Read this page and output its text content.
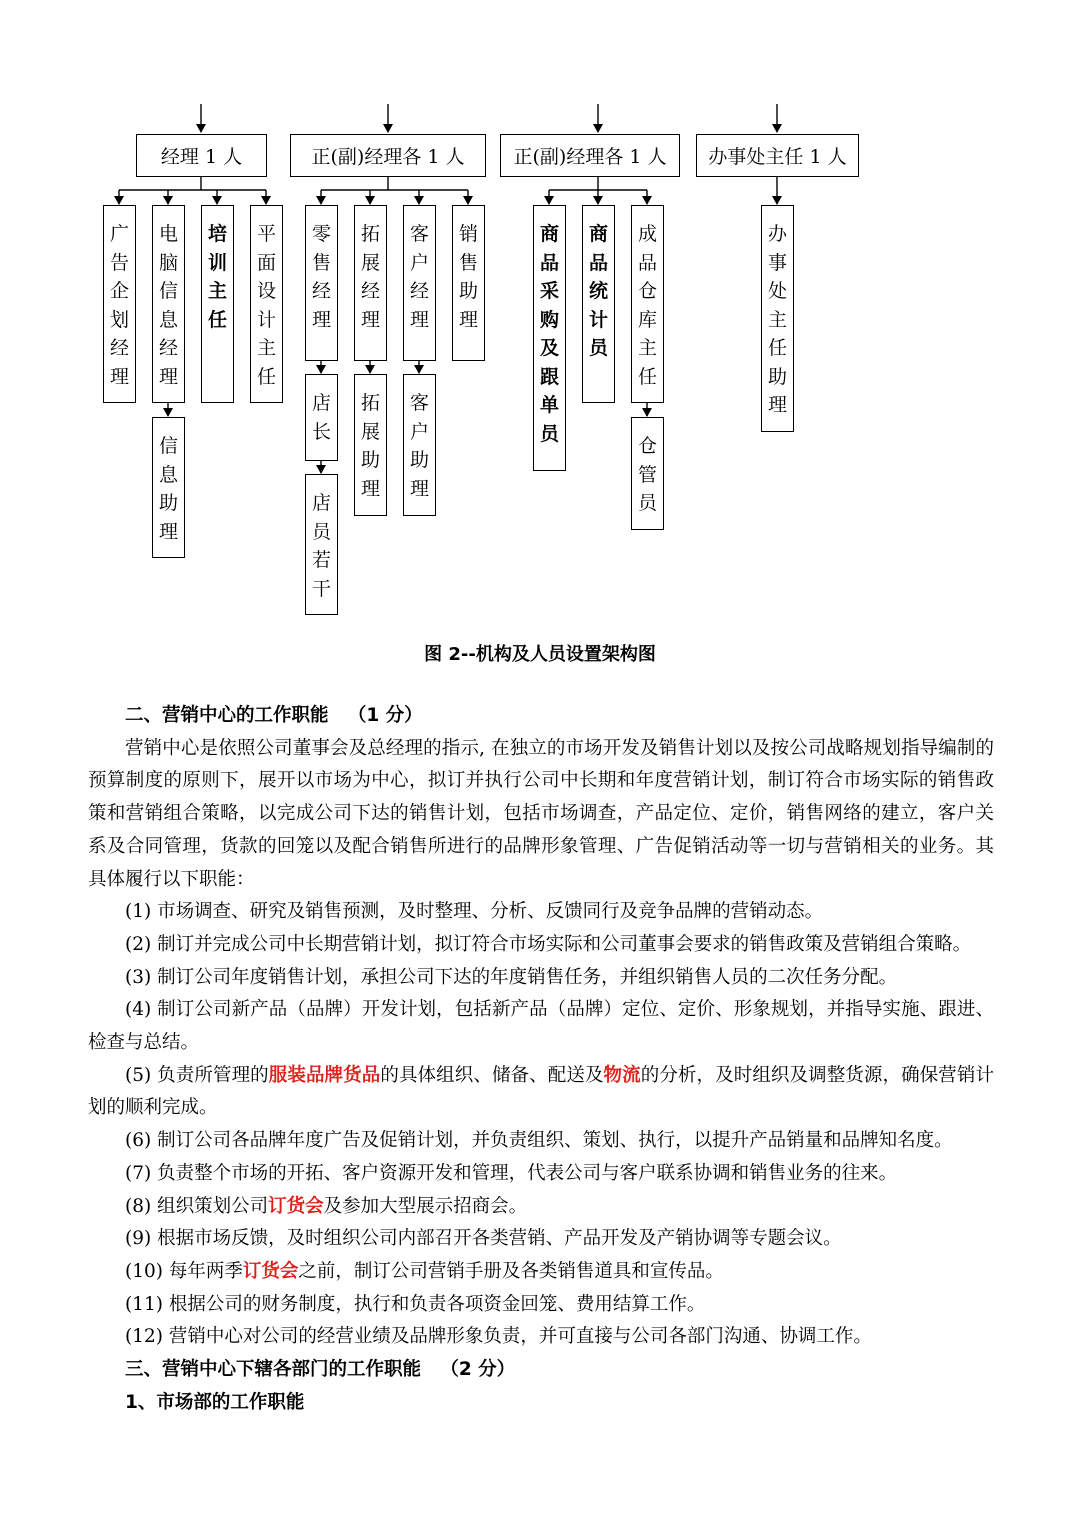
经理 1 人	正(副)经理各 1 人	正(副)经理各 1 人 办事处主任 1 人
广告企划经理
电脑信息经理
信息助理
培训主任
平面设计主任
零售经理
店长
店员若干
拓展经理
拓展助理
客户经理
客户助理
销售助理
商品采购及跟单员
商品统计员
成品仓库主任
仓管员
办事处主任助理
图 2--机构及人员设置架构图
二、营销中心的工作职能 （1 分）
营销中心是依照公司董事会及总经理的指示, 在独立的市场开发及销售计划以及按公司战略规划指导编制的预算制度的原则下，展开以市场为中心，拟订并执行公司中长期和年度营销计划，制订符合市场实际的销售政策和营销组合策略，以完成公司下达的销售计划，包括市场调查，产品定位、定价，销售网络的建立，客户关系及合同管理，货款的回笼以及配合销售所进行的品牌形象管理、广告促销活动等一切与营销相关的业务。其具体履行以下职能：
(1) 市场调查、研究及销售预测，及时整理、分析、反馈同行及竞争品牌的营销动态。
(2) 制订并完成公司中长期营销计划，拟订符合市场实际和公司董事会要求的销售政策及营销组合策略。
(3) 制订公司年度销售计划，承担公司下达的年度销售任务，并组织销售人员的二次任务分配。
(4) 制订公司新产品（品牌）开发计划，包括新产品（品牌）定位、定价、形象规划，并指导实施、跟进、检查与总结。
(5) 负责所管理的服装品牌货品的具体组织、储备、配送及物流的分析，及时组织及调整货源，确保营销计划的顺利完成。
(6) 制订公司各品牌年度广告及促销计划，并负责组织、策划、执行，以提升产品销量和品牌知名度。
(7) 负责整个市场的开拓、客户资源开发和管理，代表公司与客户联系协调和销售业务的往来。
(8) 组织策划公司订货会及参加大型展示招商会。
(9) 根据市场反馈，及时组织公司内部召开各类营销、产品开发及产销协调等专题会议。
(10) 每年两季订货会之前，制订公司营销手册及各类销售道具和宣传品。
(11) 根据公司的财务制度，执行和负责各项资金回笼、费用结算工作。
(12) 营销中心对公司的经营业绩及品牌形象负责，并可直接与公司各部门沟通、协调工作。
三、营销中心下辖各部门的工作职能 （2 分）
1、市场部的工作职能
